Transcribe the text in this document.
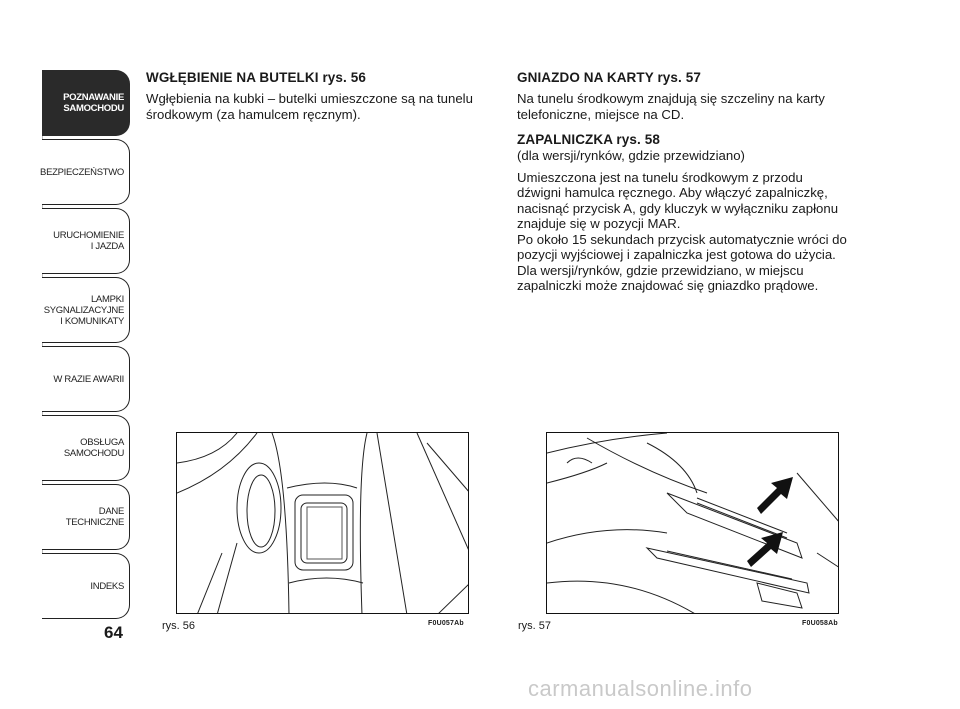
POZNAWANIE
SAMOCHODU
BEZPIECZEŃSTWO
URUCHOMIENIE
I JAZDA
LAMPKI
SYGNALIZACYJNE
I KOMUNIKATY
W RAZIE AWARII
OBSŁUGA
SAMOCHODU
DANE
TECHNICZNE
INDEKS
64
WGŁĘBIENIE NA BUTELKI rys. 56

Wgłębienia na kubki – butelki umieszczone są na tunelu
środkowym (za hamulcem ręcznym).

GNIAZDO NA KARTY rys. 57

Na tunelu środkowym znajdują się szczeliny na karty
telefoniczne, miejsce na CD.

ZAPALNICZKA rys. 58

(dla wersji/rynków, gdzie przewidziano)

Umieszczona jest na tunelu środkowym z przodu
dźwigni hamulca ręcznego. Aby włączyć zapalniczkę,
nacisnąć przycisk A, gdy kluczyk w wyłączniku zapłonu
znajduje się w pozycji MAR.
Po około 15 sekundach przycisk automatycznie wróci do
pozycji wyjściowej i zapalniczka jest gotowa do użycia.
Dla wersji/rynków, gdzie przewidziano, w miejscu
zapalniczki może znajdować się gniazdko prądowe.

rys. 56	F0U057Ab	rys. 57	F0U058Ab
carmanualsonline.info
